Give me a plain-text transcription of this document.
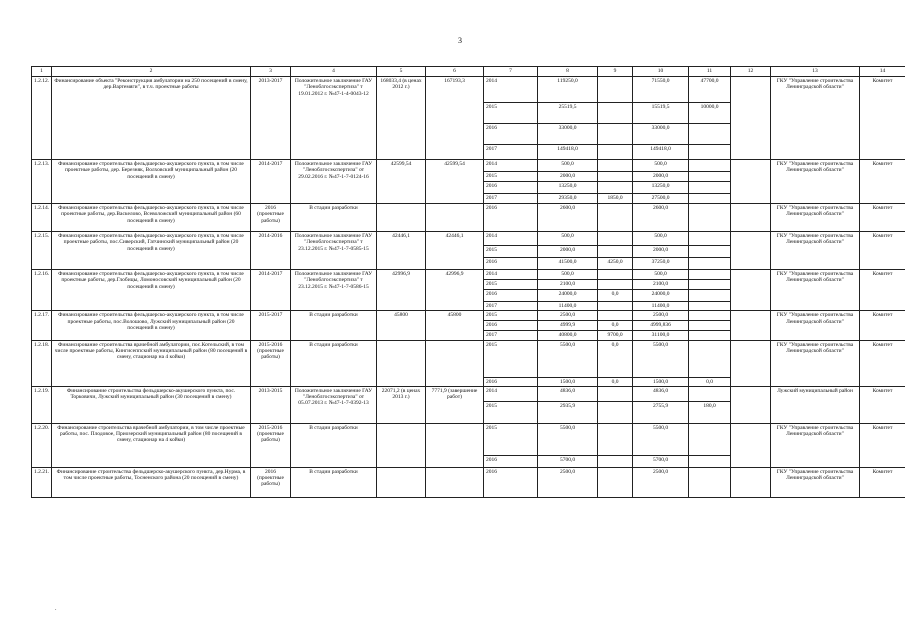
3
1	2	3	4	5	6	7	8	9	10	11	12	13	14
1.2.12.	Финансирование объекта "Реконструкция амбулатории на 250 посещений в смену, дер.Вартемяги", в т.ч. проектные работы	2013-2017	Положительное заключение ГАУ "Леноблгосэкспертиза" т 19.01.2012 г. №47-1-4-0043-12	168033,4 (в ценах 2012 г.)	167193,3	2014	119250,0		71550,0	47700,0		ГКУ "Управление строительства Ленинградской области"	Комитет
						2015	25519,5		15519,5	10000,0			
						2016	33000,0		33000,0				
						2017	149418,0		149418,0				
1.2.13.	Финансирование строительства фельдшерско-акушерского пункта, в том числе проектные работы, дер. Березняк, Волховский муниципальный район (20 посещений в смену)	2014-2017	Положительное заключение ГАУ "Леноблгосэкспертиза" от 29.02.2016 г. №47-1-7-0124-16	42599,54	42599,54	2014	500,0		500,0			ГКУ "Управление строительства Ленинградской области"	Комитет
						2015	2000,0		2000,0				
						2016	13250,0		13250,0				
						2017	29350,0	1850,0	27500,0				
1.2.14.	Финансирование строительства фельдшерско-акушерского пункта, в том числе проектные работы, дер.Васкелово, Всеволожский муниципальный район (60 посещений в смену)	2016 (проектные работы)	В стадии разработки			2016	2600,0		2600,0			ГКУ "Управление строительства Ленинградской области"	Комитет
1.2.15.	Финансирование строительства фельдшерско-акушерского пункта, в том числе проектные работы, пос.Сиверский, Гатчинский муниципальный район (20 посещений в смену)	2014-2016	Положительное заключение ГАУ "Леноблгосэкспертиза" т 23.12.2015 г. №47-1-7-0585-15	42446,1	42446,1	2014	500,0		500,0			ГКУ "Управление строительства Ленинградской области"	Комитет
						2015	2000,0		2000,0				
						2016	41500,0	4250,0	37250,0				
1.2.16.	Финансирование строительства фельдшерско-акушерского пункта, в том числе проектные работы, дер.Глобицы, Ломоносовский муниципальный район (20 посещений в смену)	2014-2017	Положительное заключение ГАУ "Леноблгосэкспертиза" т 23.12.2015 г. №47-1-7-0586-15	42996,9	42996,9	2014	500,0		500,0			ГКУ "Управление строительства Ленинградской области"	Комитет
						2015	2100,0		2100,0				
						2016	24000,0	0,0	24000,0				
						2017	11400,0		11400,0				
1.2.17.	Финансирование строительства фельдшерско-акушерского пункта, в том числе проектные работы, пос.Волошово, Лужский муниципальный район (20 посещений в смену)	2015-2017	В стадии разработки	45800	45800	2015	2500,0		2500,0			ГКУ "Управление строительства Ленинградской области"	Комитет
						2016	4999,9	0,0	4999,836				
						2017	40800,0	9700,0	31100,0				
1.2.18.	Финансирование строительства врачебной амбулатории, пос.Котельский, в том числе проектные работы, Кингисеппский муниципальный район (80 посещений в смену, стационар на 4 койки)	2015-2016 (проектные работы)	В стадии разработки			2015	5500,0	0,0	5500,0			ГКУ "Управление строительства Ленинградской области"	Комитет
						2016	1500,0	0,0	1500,0	0,0			
1.2.19.	Финансирование строительства фельдшерско-акушерского пункта, пос. Торковичи, Лужский муниципальный район (30 посещений в смену)	2013-2015	Положительное заключение ГАУ "Леноблгосэкспертиза" от 05.07.2013 г. №47-1-7-0392-13	22071,2 (в ценах 2013 г.)	7771,9 (завершение работ)	2014	4836,0		4836,0			Лужский муниципальный район	Комитет
						2015	2935,9		2755,9	180,0			
1.2.20.	Финансирование строительства врачебной амбулатории, в том числе проектные работы, пос. Плодовое, Приозерский муниципальный район (80 посещений в смену, стационар на 4 койки)	2015-2016 (проектные работы)	В стадии разработки			2015	5500,0		5500,0			ГКУ "Управление строительства Ленинградской области"	Комитет
						2016	5700,0		5700,0				
1.2.21.	Финансирование строительства фельдшерско-акушерского пункта, дер.Нурма, в том числе проектные работы, Тосненского района (20 посещений в смену)	2016 (проектные работы)	В стадии разработки			2016	2500,0		2500,0			ГКУ "Управление строительства Ленинградской области"	Комитет
.
